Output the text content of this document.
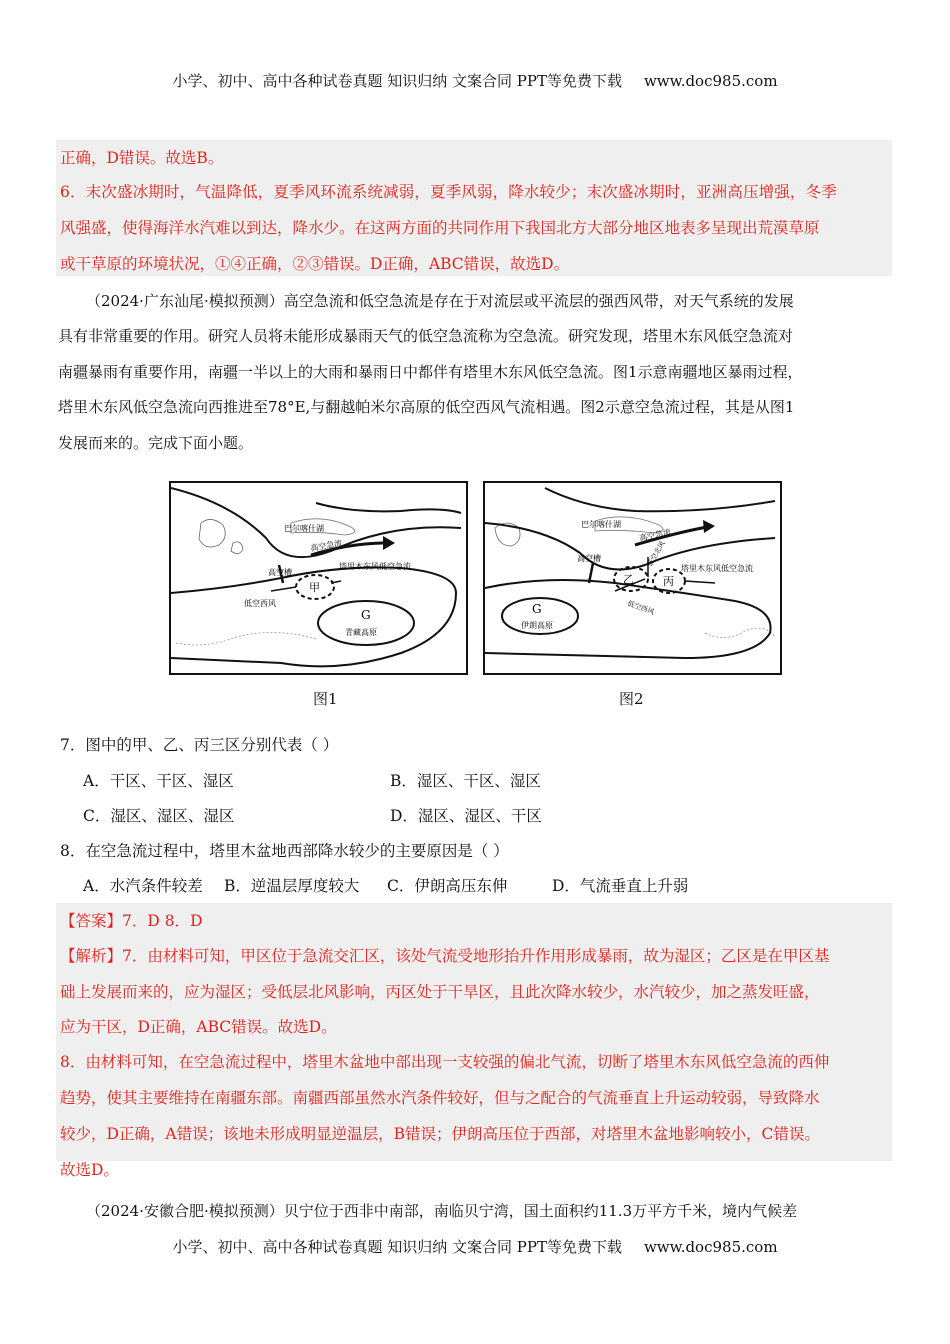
小学、初中、高中各种试卷真题 知识归纳 文案合同 PPT等免费下载 www.doc985.com
正确，D错误。故选B。
6．末次盛冰期时，气温降低，夏季风环流系统减弱，夏季风弱，降水较少；末次盛冰期时，亚洲高压增强，冬季
风强盛，使得海洋水汽难以到达，降水少。在这两方面的共同作用下我国北方大部分地区地表多呈现出荒漠草原
或干草原的环境状况，①④正确，②③错误。D正确，ABC错误，故选D。
（2024·广东汕尾·模拟预测）高空急流和低空急流是存在于对流层或平流层的强西风带，对天气系统的发展
具有非常重要的作用。研究人员将未能形成暴雨天气的低空急流称为空急流。研究发现，塔里木东风低空急流对
南疆暴雨有重要作用，南疆一半以上的大雨和暴雨日中都伴有塔里木东风低空急流。图1示意南疆地区暴雨过程，
塔里木东风低空急流向西推进至78°E,与翻越帕米尔高原的低空西风气流相遇。图2示意空急流过程，其是从图1
发展而来的。完成下面小题。
巴尔喀什湖
高空急流
高空槽
塔里木东风低空急流
甲
低空西风
G
青藏高原
图1
巴尔喀什湖
高空急流
高空槽	低空北风
塔里木东风低空急流
乙	丙
低空西风
G
伊朗高原
图2
7．图中的甲、乙、丙三区分别代表（ ）
A．干区、干区、湿区	B．湿区、干区、湿区
C．湿区、湿区、湿区	D．湿区、湿区、干区
8．在空急流过程中，塔里木盆地西部降水较少的主要原因是（ ）
A．水汽条件较差 B．逆温层厚度较大 C．伊朗高压东伸	D．气流垂直上升弱
【答案】7．D 8．D
【解析】7．由材料可知，甲区位于急流交汇区，该处气流受地形抬升作用形成暴雨，故为湿区；乙区是在甲区基
础上发展而来的，应为湿区；受低层北风影响，丙区处于干旱区，且此次降水较少，水汽较少，加之蒸发旺盛，
应为干区，D正确，ABC错误。故选D。
8．由材料可知，在空急流过程中，塔里木盆地中部出现一支较强的偏北气流，切断了塔里木东风低空急流的西伸
趋势，使其主要维持在南疆东部。南疆西部虽然水汽条件较好，但与之配合的气流垂直上升运动较弱，导致降水
较少，D正确，A错误；该地未形成明显逆温层，B错误；伊朗高压位于西部，对塔里木盆地影响较小，C错误。
故选D。
（2024·安徽合肥·模拟预测）贝宁位于西非中南部，南临贝宁湾，国土面积约11.3万平方千米，境内气候差
小学、初中、高中各种试卷真题 知识归纳 文案合同 PPT等免费下载 www.doc985.com
